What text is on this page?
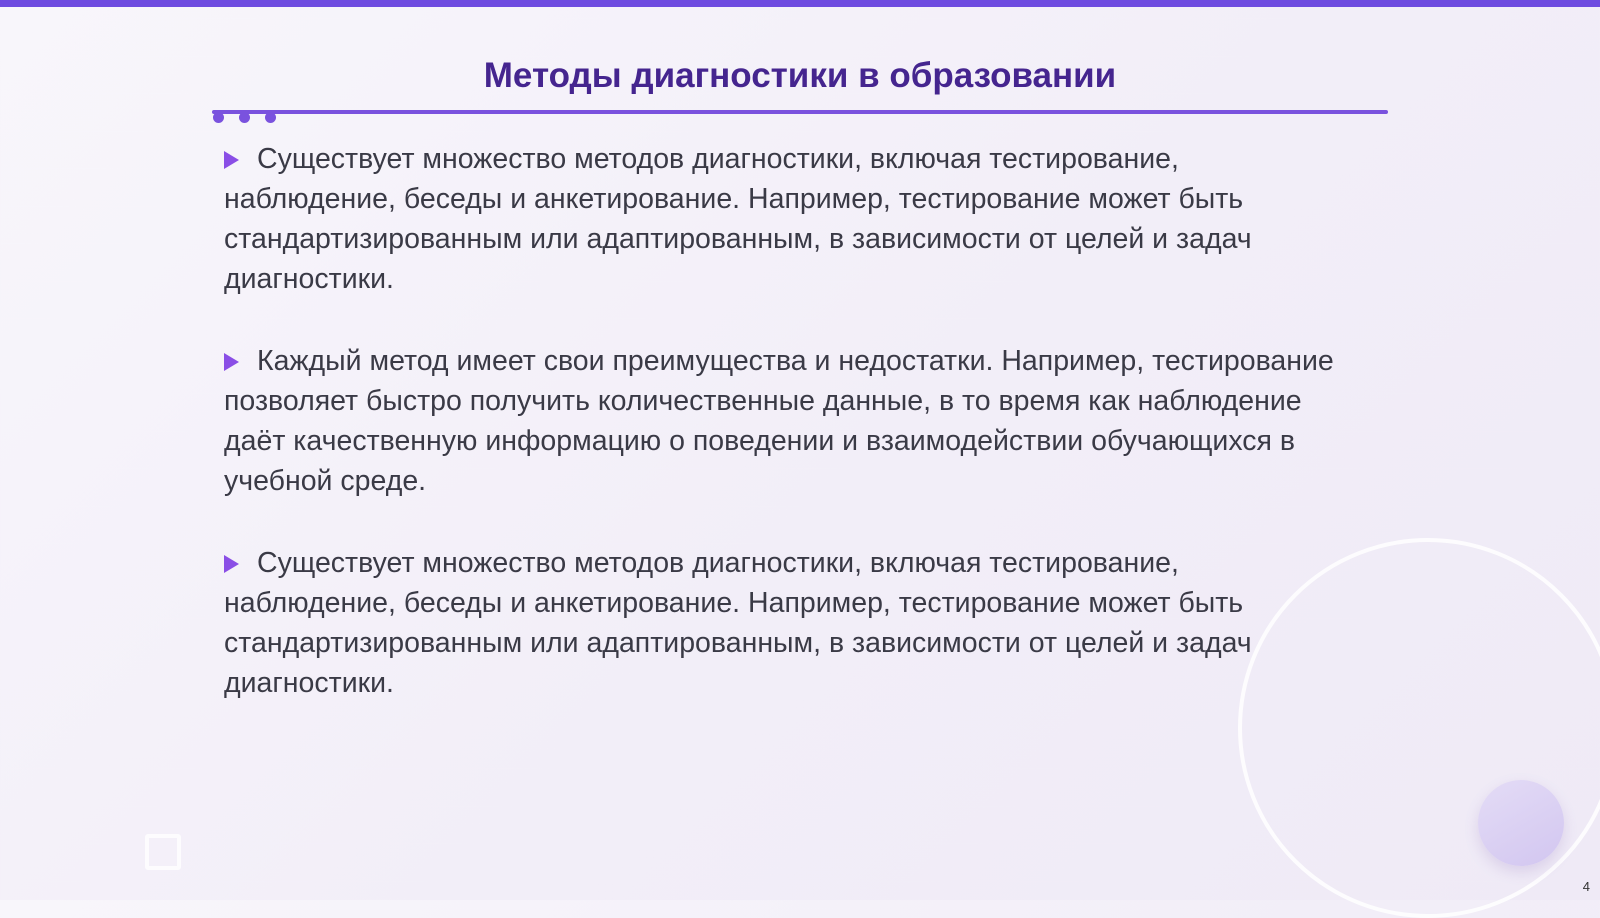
Методы диагностики в образовании
Существует множество методов диагностики, включая тестирование, наблюдение, беседы и анкетирование. Например, тестирование может быть стандартизированным или адаптированным, в зависимости от целей и задач диагностики.
Каждый метод имеет свои преимущества и недостатки. Например, тестирование позволяет быстро получить количественные данные, в то время как наблюдение даёт качественную информацию о поведении и взаимодействии обучающихся в учебной среде.
Существует множество методов диагностики, включая тестирование, наблюдение, беседы и анкетирование. Например, тестирование может быть стандартизированным или адаптированным, в зависимости от целей и задач диагностики.
4
